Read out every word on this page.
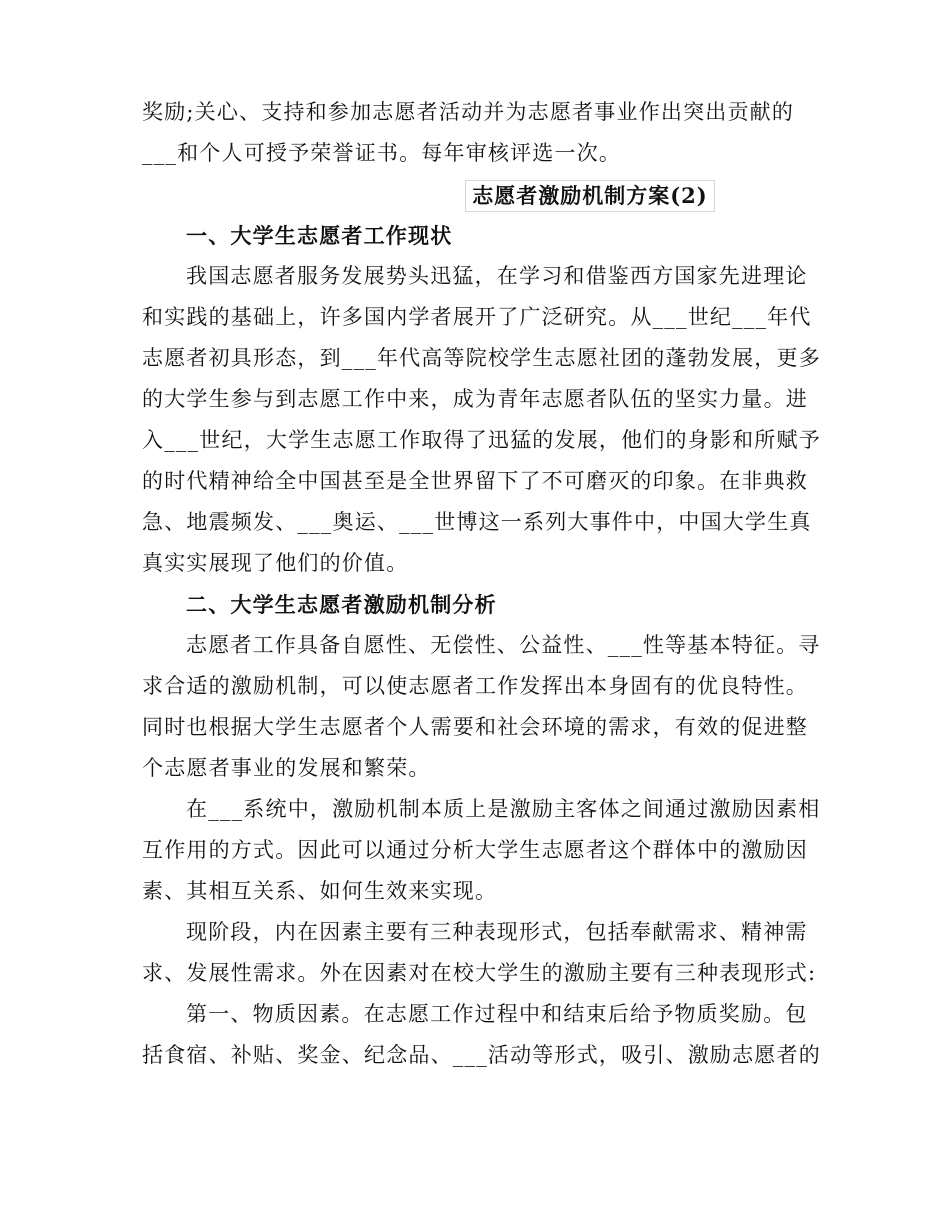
奖励;关心、支持和参加志愿者活动并为志愿者事业作出突出贡献的
___和个人可授予荣誉证书。每年审核评选一次。
志愿者激励机制方案(2)
一、大学生志愿者工作现状
我国志愿者服务发展势头迅猛，在学习和借鉴西方国家先进理论
和实践的基础上，许多国内学者展开了广泛研究。从___世纪___年代
志愿者初具形态，到___年代高等院校学生志愿社团的蓬勃发展，更多
的大学生参与到志愿工作中来，成为青年志愿者队伍的坚实力量。进
入___世纪，大学生志愿工作取得了迅猛的发展，他们的身影和所赋予
的时代精神给全中国甚至是全世界留下了不可磨灭的印象。在非典救
急、地震频发、___奥运、___世博这一系列大事件中，中国大学生真
真实实展现了他们的价值。
二、大学生志愿者激励机制分析
志愿者工作具备自愿性、无偿性、公益性、___性等基本特征。寻
求合适的激励机制，可以使志愿者工作发挥出本身固有的优良特性。
同时也根据大学生志愿者个人需要和社会环境的需求，有效的促进整
个志愿者事业的发展和繁荣。
在___系统中，激励机制本质上是激励主客体之间通过激励因素相
互作用的方式。因此可以通过分析大学生志愿者这个群体中的激励因
素、其相互关系、如何生效来实现。
现阶段，内在因素主要有三种表现形式，包括奉献需求、精神需
求、发展性需求。外在因素对在校大学生的激励主要有三种表现形式:
第一、物质因素。在志愿工作过程中和结束后给予物质奖励。包
括食宿、补贴、奖金、纪念品、___活动等形式，吸引、激励志愿者的
